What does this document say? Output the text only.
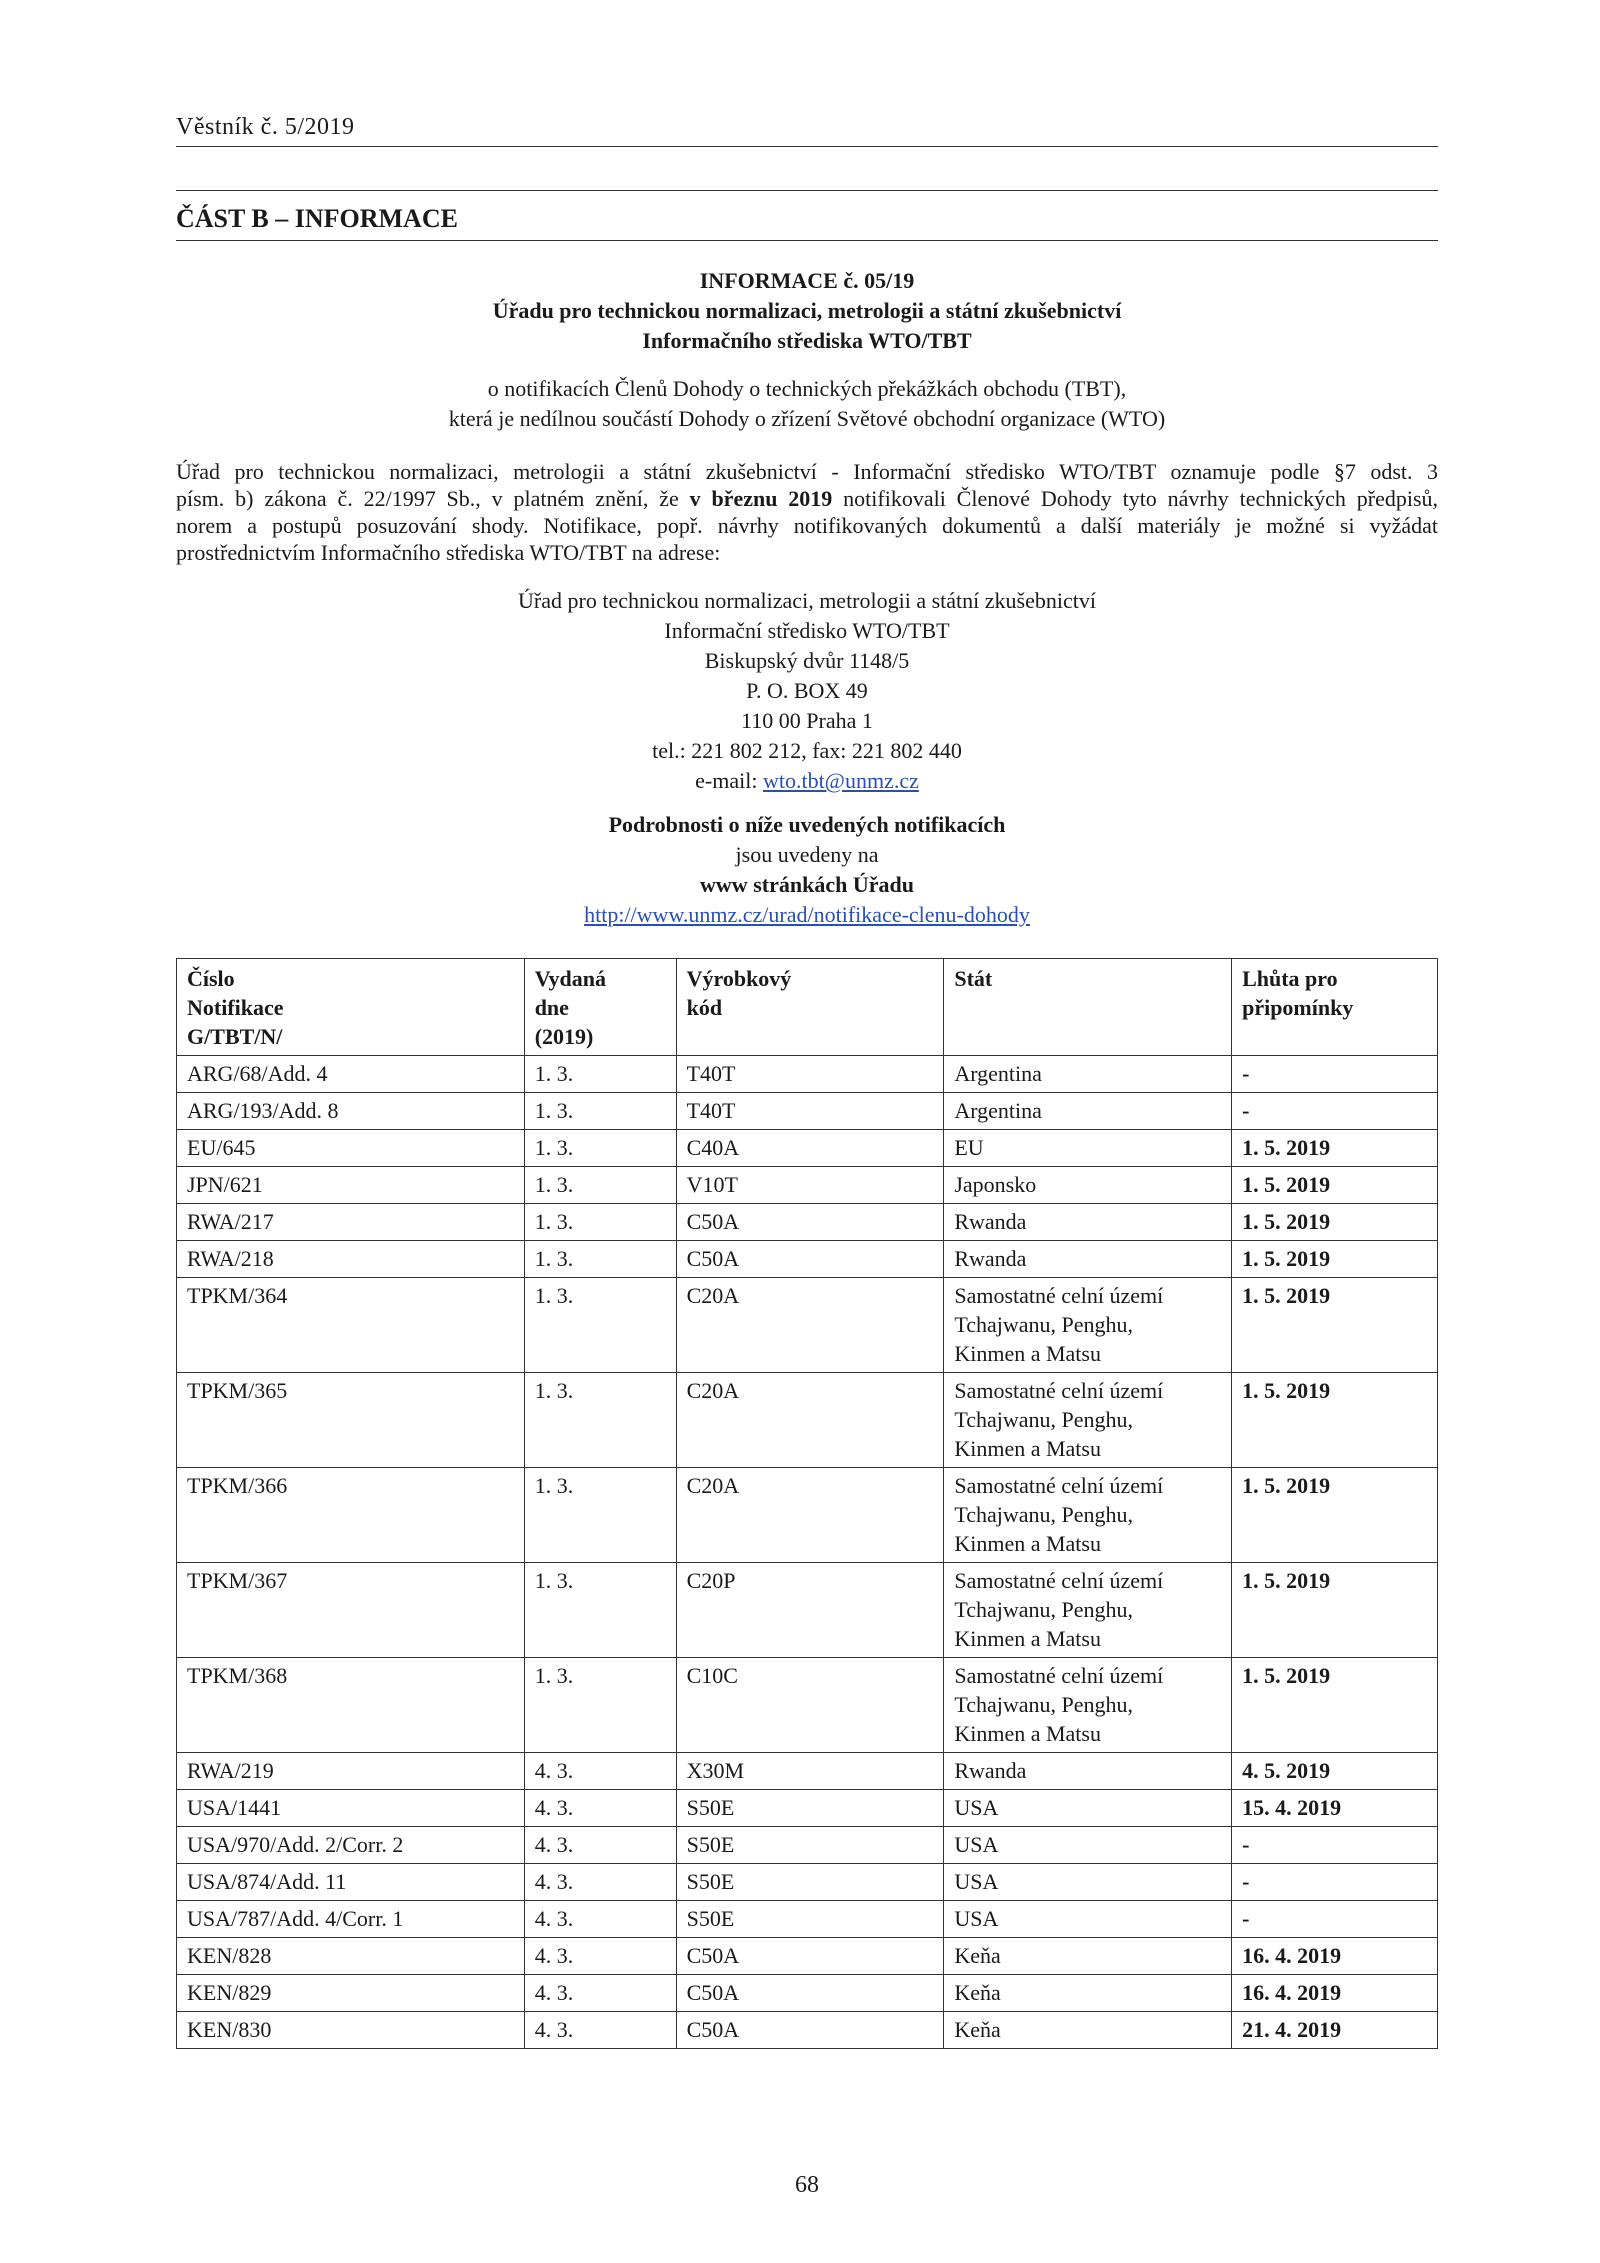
Věstník č. 5/2019
ČÁST B – INFORMACE
INFORMACE č. 05/19
Úřadu pro technickou normalizaci, metrologii a státní zkušebnictví
Informačního střediska WTO/TBT
o notifikacích Členů Dohody o technických překážkách obchodu (TBT),
která je nedílnou součástí Dohody o zřízení Světové obchodní organizace (WTO)
Úřad pro technickou normalizaci, metrologii a státní zkušebnictví - Informační středisko WTO/TBT oznamuje podle §7 odst. 3
písm. b) zákona č. 22/1997 Sb., v platném znění, že v březnu 2019 notifikovali Členové Dohody tyto návrhy technických předpisů,
norem a postupů posuzování shody. Notifikace, popř. návrhy notifikovaných dokumentů a další materiály je možné si vyžádat
prostřednictvím Informačního střediska WTO/TBT na adrese:
Úřad pro technickou normalizaci, metrologii a státní zkušebnictví
Informační středisko WTO/TBT
Biskupský dvůr 1148/5
P. O. BOX 49
110 00 Praha 1
tel.: 221 802 212, fax: 221 802 440
e-mail: wto.tbt@unmz.cz
Podrobnosti o níže uvedených notifikacích
jsou uvedeny na
www stránkách Úřadu
http://www.unmz.cz/urad/notifikace-clenu-dohody
Číslo
Notifikace
G/TBT/N/	Vydaná
dne
(2019)	Výrobkový
kód	Stát	Lhůta pro
připomínky
ARG/68/Add. 4	1. 3.	T40T	Argentina	-
ARG/193/Add. 8	1. 3.	T40T	Argentina	-
EU/645	1. 3.	C40A	EU	1. 5. 2019
JPN/621	1. 3.	V10T	Japonsko	1. 5. 2019
RWA/217	1. 3.	C50A	Rwanda	1. 5. 2019
RWA/218	1. 3.	C50A	Rwanda	1. 5. 2019
TPKM/364	1. 3.	C20A	Samostatné celní území
Tchajwanu, Penghu,
Kinmen a Matsu	1. 5. 2019
TPKM/365	1. 3.	C20A	Samostatné celní území
Tchajwanu, Penghu,
Kinmen a Matsu	1. 5. 2019
TPKM/366	1. 3.	C20A	Samostatné celní území
Tchajwanu, Penghu,
Kinmen a Matsu	1. 5. 2019
TPKM/367	1. 3.	C20P	Samostatné celní území
Tchajwanu, Penghu,
Kinmen a Matsu	1. 5. 2019
TPKM/368	1. 3.	C10C	Samostatné celní území
Tchajwanu, Penghu,
Kinmen a Matsu	1. 5. 2019
RWA/219	4. 3.	X30M	Rwanda	4. 5. 2019
USA/1441	4. 3.	S50E	USA	15. 4. 2019
USA/970/Add. 2/Corr. 2	4. 3.	S50E	USA	-
USA/874/Add. 11	4. 3.	S50E	USA	-
USA/787/Add. 4/Corr. 1	4. 3.	S50E	USA	-
KEN/828	4. 3.	C50A	Keňa	16. 4. 2019
KEN/829	4. 3.	C50A	Keňa	16. 4. 2019
KEN/830	4. 3.	C50A	Keňa	21. 4. 2019
68
